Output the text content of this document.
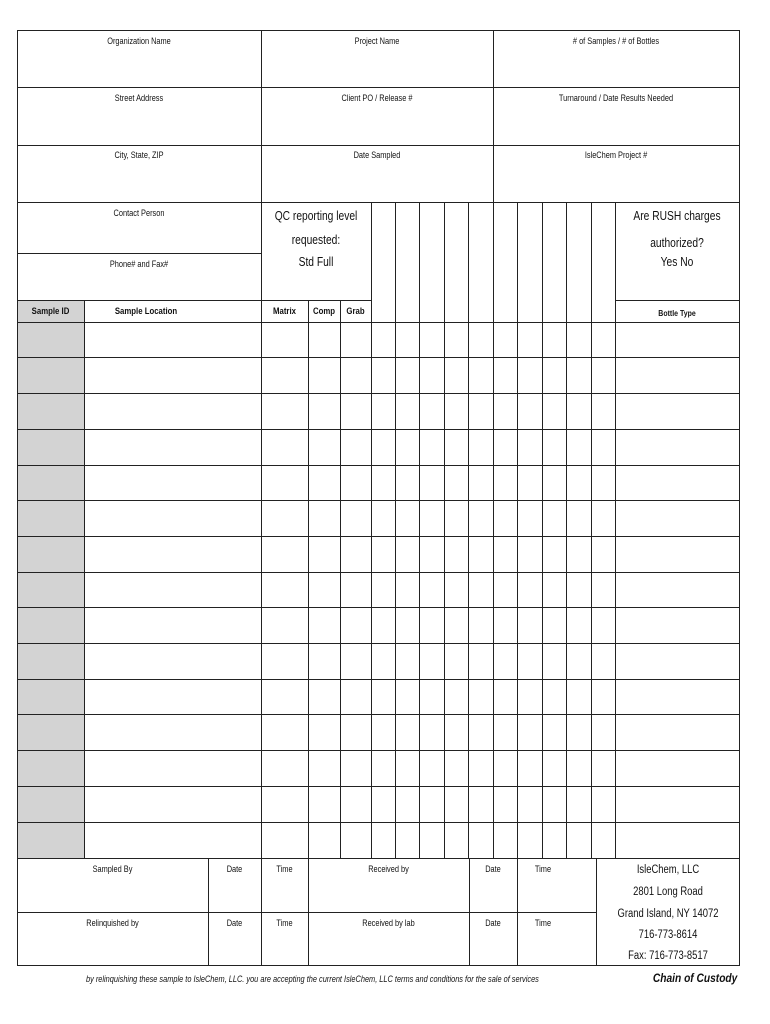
Organization Name	Project Name	# of Samples / # of Bottles
Street Address	Client PO / Release #	Turnaround / Date Results Needed
City, State, ZIP	Date Sampled	IsleChem Project #
Contact Person
Phone# and Fax#
QC reporting level
requested:
Std Full
Are RUSH charges
authorized?
Yes No
Sample ID	Sample Location	Matrix	Comp	Grab	Bottle Type
Sampled By	Date	Time	Received by	Date	Time
Relinquished by	Date	Time	Received by lab	Date	Time
IsleChem, LLC
2801 Long Road
Grand Island, NY 14072
716-773-8614
Fax: 716-773-8517
by relinquishing these sample to IsleChem, LLC. you are accepting the current IsleChem, LLC terms and conditions for the sale of services	Chain of Custody
